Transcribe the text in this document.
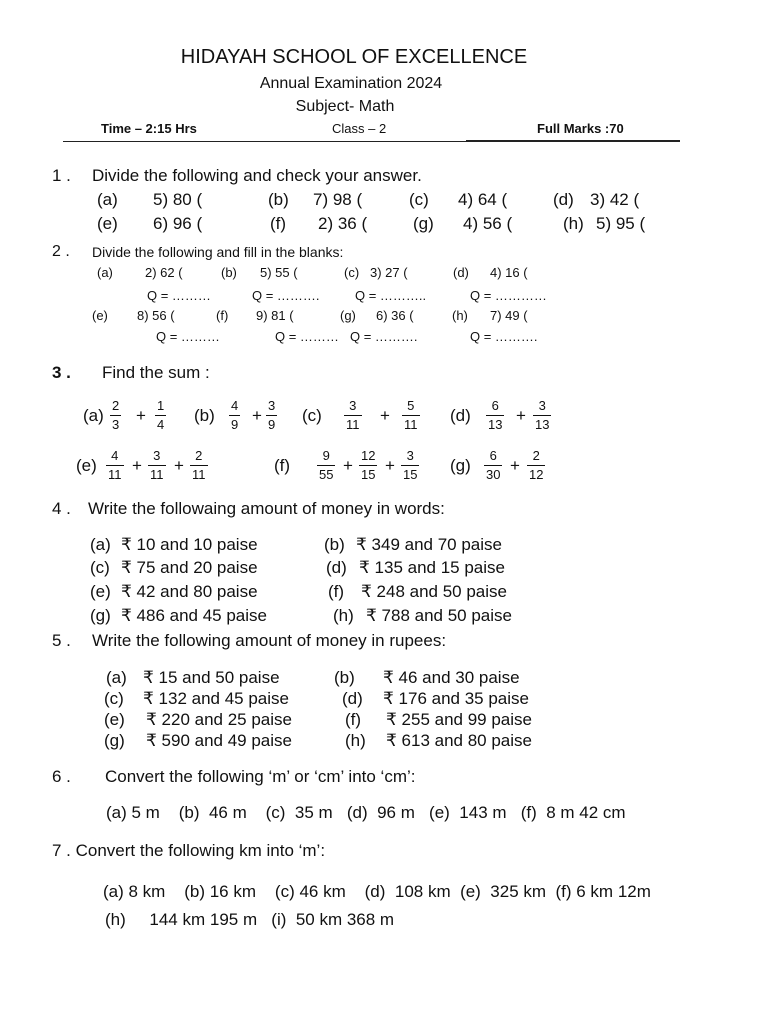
HIDAYAH SCHOOL OF EXCELLENCE
Annual Examination 2024
Subject- Math
Time – 2:15 Hrs	Class – 2	Full Marks :70
1 . Divide the following and check your answer.
(a) 5) 80 (	(b) 7) 98 (	(c) 4) 64 (	(d) 3) 42 (
(e) 6) 96 (	(f) 2) 36 (	(g) 4) 56 (	(h) 5) 95 (
2 . Divide the following and fill in the blanks:
(a) 2) 62 (	(b) 5) 55 (	(c) 3) 27 (	(d) 4) 16 (
Q = ………	Q = ……….	Q = ………..	Q = …………
(e) 8) 56 (	(f) 9) 81 (	(g) 6) 36 (	(h) 7) 49 (
Q = ………	Q = ……… Q = ……….	Q = ……….
3 . Find the sum :
$(a) \frac{2}{3} + \frac{1}{4} (b) \frac{4}{9} + \frac{3}{9} (c) \frac{3}{11} + \frac{5}{11} (d) \frac{6}{13} + \frac{3}{13}$
$(e) \frac{4}{11} + \frac{3}{11} + \frac{2}{11}$	$(f) \frac{9}{55} + \frac{12}{15} + \frac{3}{15} (g) \frac{6}{30} + \frac{2}{12}$
4 . Write the followaing amount of money in words:
(a) ₹ 10 and 10 paise	(b) ₹ 349 and 70 paise
(c) ₹ 75 and 20 paise	(d) ₹ 135 and 15 paise
(e) ₹ 42 and 80 paise	(f) ₹ 248 and 50 paise
(g) ₹ 486 and 45 paise	(h) ₹ 788 and 50 paise
5 . Write the following amount of money in rupees:
(a) ₹ 15 and 50 paise	(b) ₹ 46 and 30 paise
(c) ₹ 132 and 45 paise	(d) ₹ 176 and 35 paise
(e) ₹ 220 and 25 paise	(f) ₹ 255 and 99 paise
(g) ₹ 590 and 49 paise	(h) ₹ 613 and 80 paise
6 . Convert the following ‘m’ or ‘cm’ into ‘cm’:
(a) 5 m    (b)  46 m    (c)  35 m   (d)  96 m   (e)  143 m   (f)  8 m 42 cm
7 . Convert the following km into ‘m’:
(a) 8 km    (b) 16 km    (c) 46 km    (d)  108 km  (e)  325 km  (f) 6 km 12m
(h)     144 km 195 m   (i)  50 km 368 m
